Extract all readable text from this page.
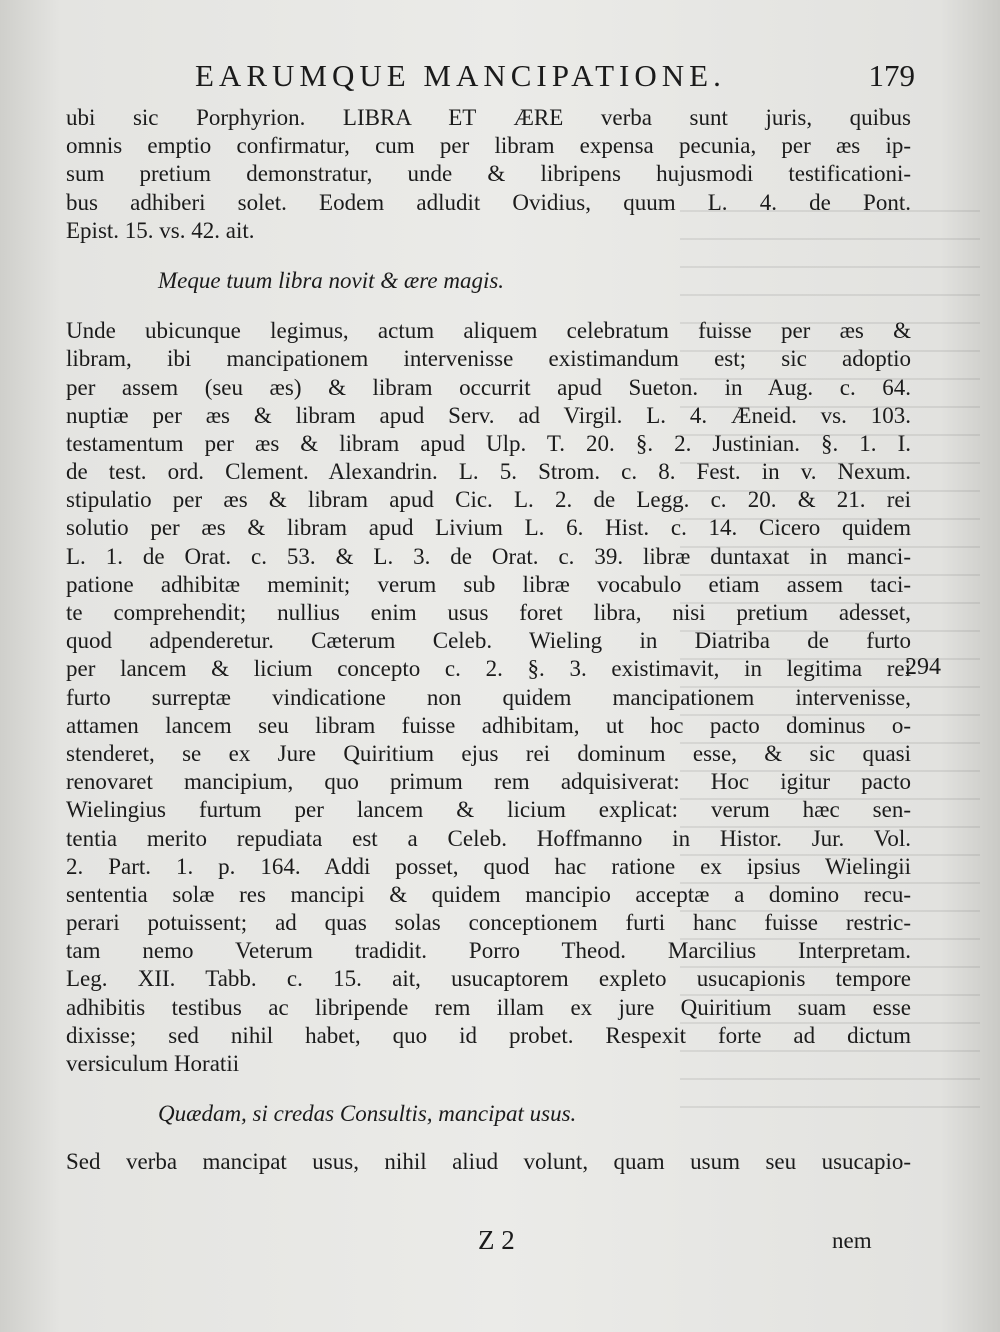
EARUMQUE MANCIPATIONE.	179
ubi sic Porphyrion. LIBRA ET ÆRE verba sunt juris, quibus
omnis emptio confirmatur, cum per libram expensa pecunia, per æs ip-
sum pretium demonstratur, unde & libripens hujusmodi testificationi-
bus adhiberi solet. Eodem adludit Ovidius, quum L. 4. de Pont.
Epist. 15. vs. 42. ait.
Meque tuum libra novit & ære magis.
Unde ubicunque legimus, actum aliquem celebratum fuisse per æs &
libram, ibi mancipationem intervenisse existimandum est; sic adoptio
per assem (seu æs) & libram occurrit apud Sueton. in Aug. c. 64.
nuptiæ per æs & libram apud Serv. ad Virgil. L. 4. Æneid. vs. 103.
testamentum per æs & libram apud Ulp. T. 20. §. 2. Justinian. §. 1. I.
de test. ord. Clement. Alexandrin. L. 5. Strom. c. 8. Fest. in v. Nexum.
stipulatio per æs & libram apud Cic. L. 2. de Legg. c. 20. & 21. rei
solutio per æs & libram apud Livium L. 6. Hist. c. 14. Cicero quidem
L. 1. de Orat. c. 53. & L. 3. de Orat. c. 39. libræ duntaxat in manci-
patione adhibitæ meminit; verum sub libræ vocabulo etiam assem taci-
te comprehendit; nullius enim usus foret libra, nisi pretium adesset,
quod adpenderetur. Cæterum Celeb. Wieling in Diatriba de furto
per lancem & licium concepto c. 2. §. 3. existimavit, in legitima rei
furto surreptæ vindicatione non quidem mancipationem intervenisse,
attamen lancem seu libram fuisse adhibitam, ut hoc pacto dominus o-
stenderet, se ex Jure Quiritium ejus rei dominum esse, & sic quasi
renovaret mancipium, quo primum rem adquisiverat: Hoc igitur pacto
Wielingius furtum per lancem & licium explicat: verum hæc sen-
tentia merito repudiata est a Celeb. Hoffmanno in Histor. Jur. Vol.
2. Part. 1. p. 164. Addi posset, quod hac ratione ex ipsius Wielingii
sententia solæ res mancipi & quidem mancipio acceptæ a domino recu-
perari potuissent; ad quas solas conceptionem furti hanc fuisse restric-
tam nemo Veterum tradidit. Porro Theod. Marcilius Interpretam.
Leg. XII. Tabb. c. 15. ait, usucaptorem expleto usucapionis tempore
adhibitis testibus ac libripende rem illam ex jure Quiritium suam esse
dixisse; sed nihil habet, quo id probet. Respexit forte ad dictum
versiculum Horatii
Quædam, si credas Consultis, mancipat usus.
Sed verba mancipat usus, nihil aliud volunt, quam usum seu usucapio-
294
Z 2	nem
